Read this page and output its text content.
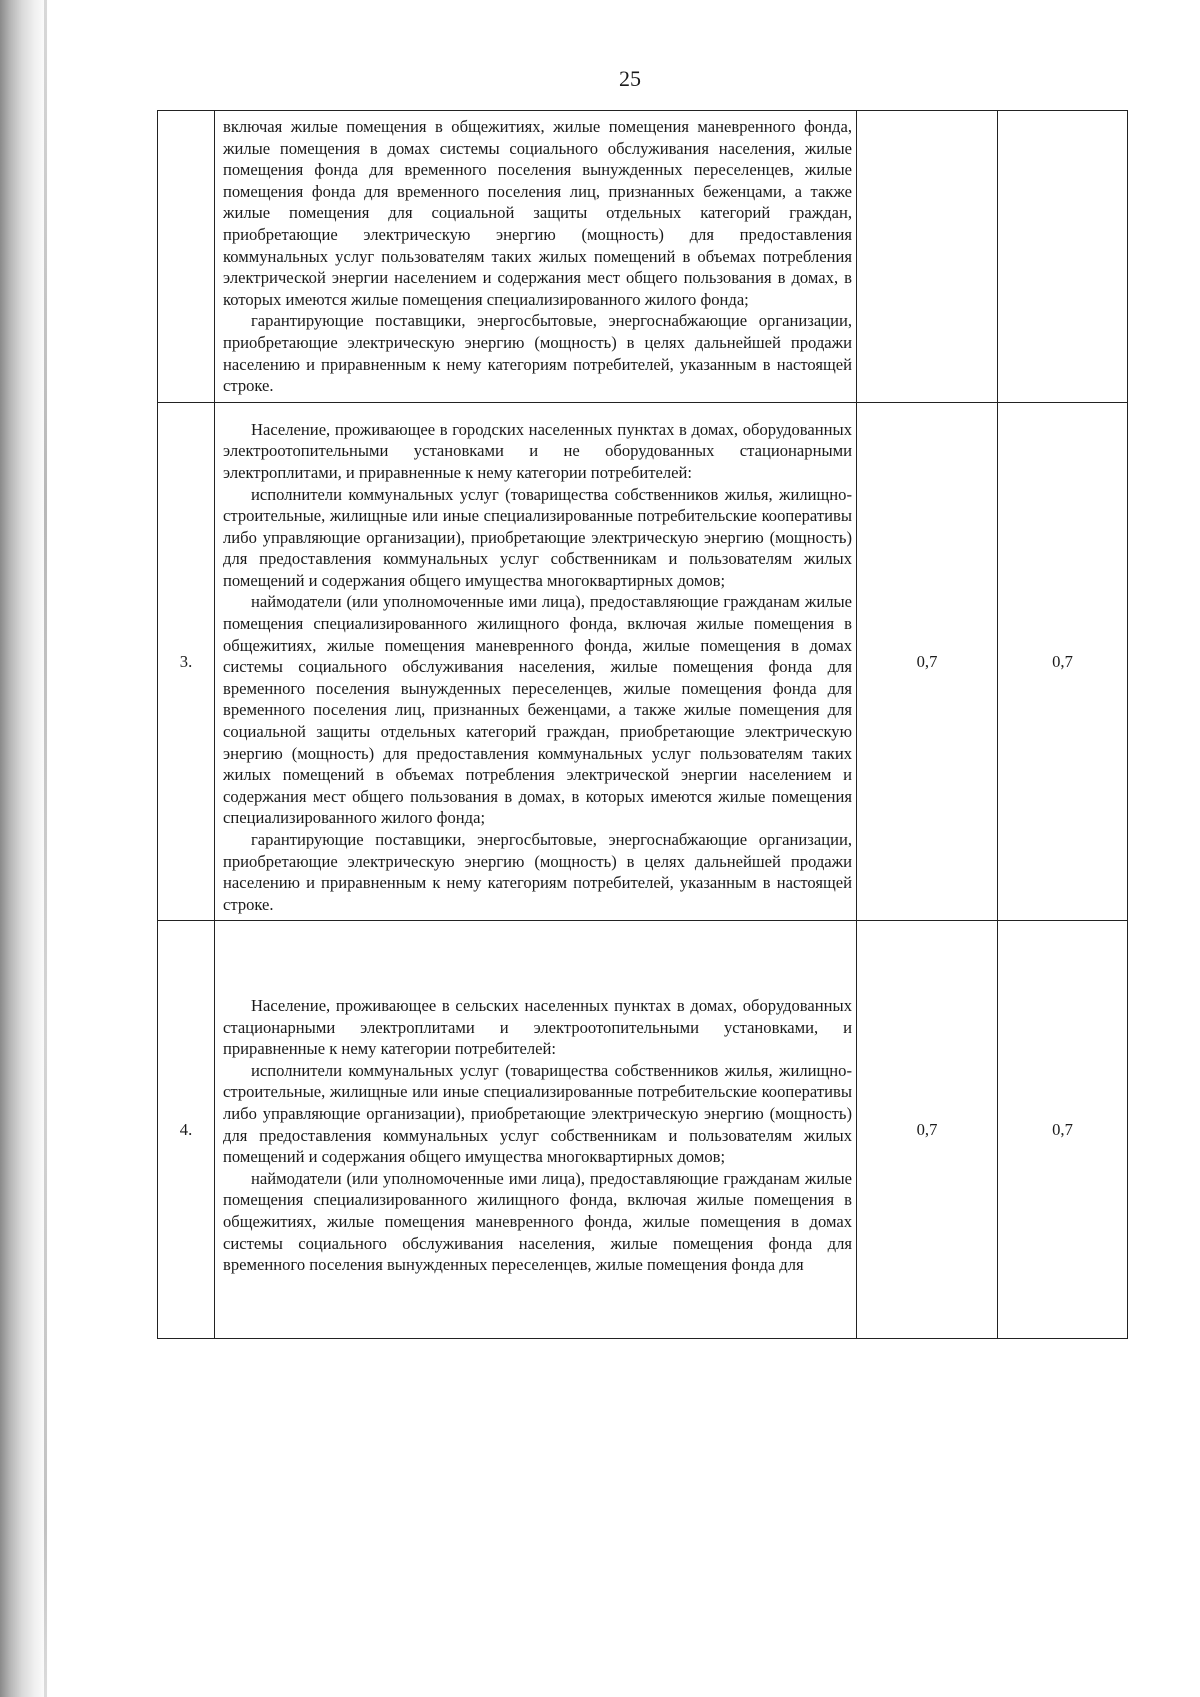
25

	включая жилые помещения в общежитиях, жилые помещения маневренного фонда, жилые помещения в домах системы социального обслуживания населения, жилые помещения фонда для временного поселения вынужденных переселенцев, жилые помещения фонда для временного поселения лиц, признанных беженцами, а также жилые помещения для социальной защиты отдельных категорий граждан, приобретающие электрическую энергию (мощность) для предоставления коммунальных услуг пользователям таких жилых помещений в объемах потребления электрической энергии населением и содержания мест общего пользования в домах, в которых имеются жилые помещения специализированного жилого фонда;

гарантирующие поставщики, энергосбытовые, энергоснабжающие организации, приобретающие электрическую энергию (мощность) в целях дальнейшей продажи населению и приравненным к нему категориям потребителей, указанным в настоящей строке.		

3.	Население, проживающее в городских населенных пунктах в домах, оборудованных электроотопительными установками и не оборудованных стационарными электроплитами, и приравненные к нему категории потребителей:

исполнители коммунальных услуг (товарищества собственников жилья, жилищно-строительные, жилищные или иные специализированные потребительские кооперативы либо управляющие организации), приобретающие электрическую энергию (мощность) для предоставления коммунальных услуг собственникам и пользователям жилых помещений и содержания общего имущества многоквартирных домов;

наймодатели (или уполномоченные ими лица), предоставляющие гражданам жилые помещения специализированного жилищного фонда, включая жилые помещения в общежитиях, жилые помещения маневренного фонда, жилые помещения в домах системы социального обслуживания населения, жилые помещения фонда для временного поселения вынужденных переселенцев, жилые помещения фонда для временного поселения лиц, признанных беженцами, а также жилые помещения для социальной защиты отдельных категорий граждан, приобретающие электрическую энергию (мощность) для предоставления коммунальных услуг пользователям таких жилых помещений в объемах потребления электрической энергии населением и содержания мест общего пользования в домах, в которых имеются жилые помещения специализированного жилого фонда;

гарантирующие поставщики, энергосбытовые, энергоснабжающие организации, приобретающие электрическую энергию (мощность) в целях дальнейшей продажи населению и приравненным к нему категориям потребителей, указанным в настоящей строке.	0,7	0,7
4.	Население, проживающее в сельских населенных пунктах в домах, оборудованных стационарными электроплитами и электроотопительными установками, и приравненные к нему категории потребителей:

исполнители коммунальных услуг (товарищества собственников жилья, жилищно-строительные, жилищные или иные специализированные потребительские кооперативы либо управляющие организации), приобретающие электрическую энергию (мощность) для предоставления коммунальных услуг собственникам и пользователям жилых помещений и содержания общего имущества многоквартирных домов;

наймодатели (или уполномоченные ими лица), предоставляющие гражданам жилые помещения специализированного жилищного фонда, включая жилые помещения в общежитиях, жилые помещения маневренного фонда, жилые помещения в домах системы социального обслуживания населения, жилые помещения фонда для временного поселения вынужденных переселенцев, жилые помещения фонда для	0,7	0,7
